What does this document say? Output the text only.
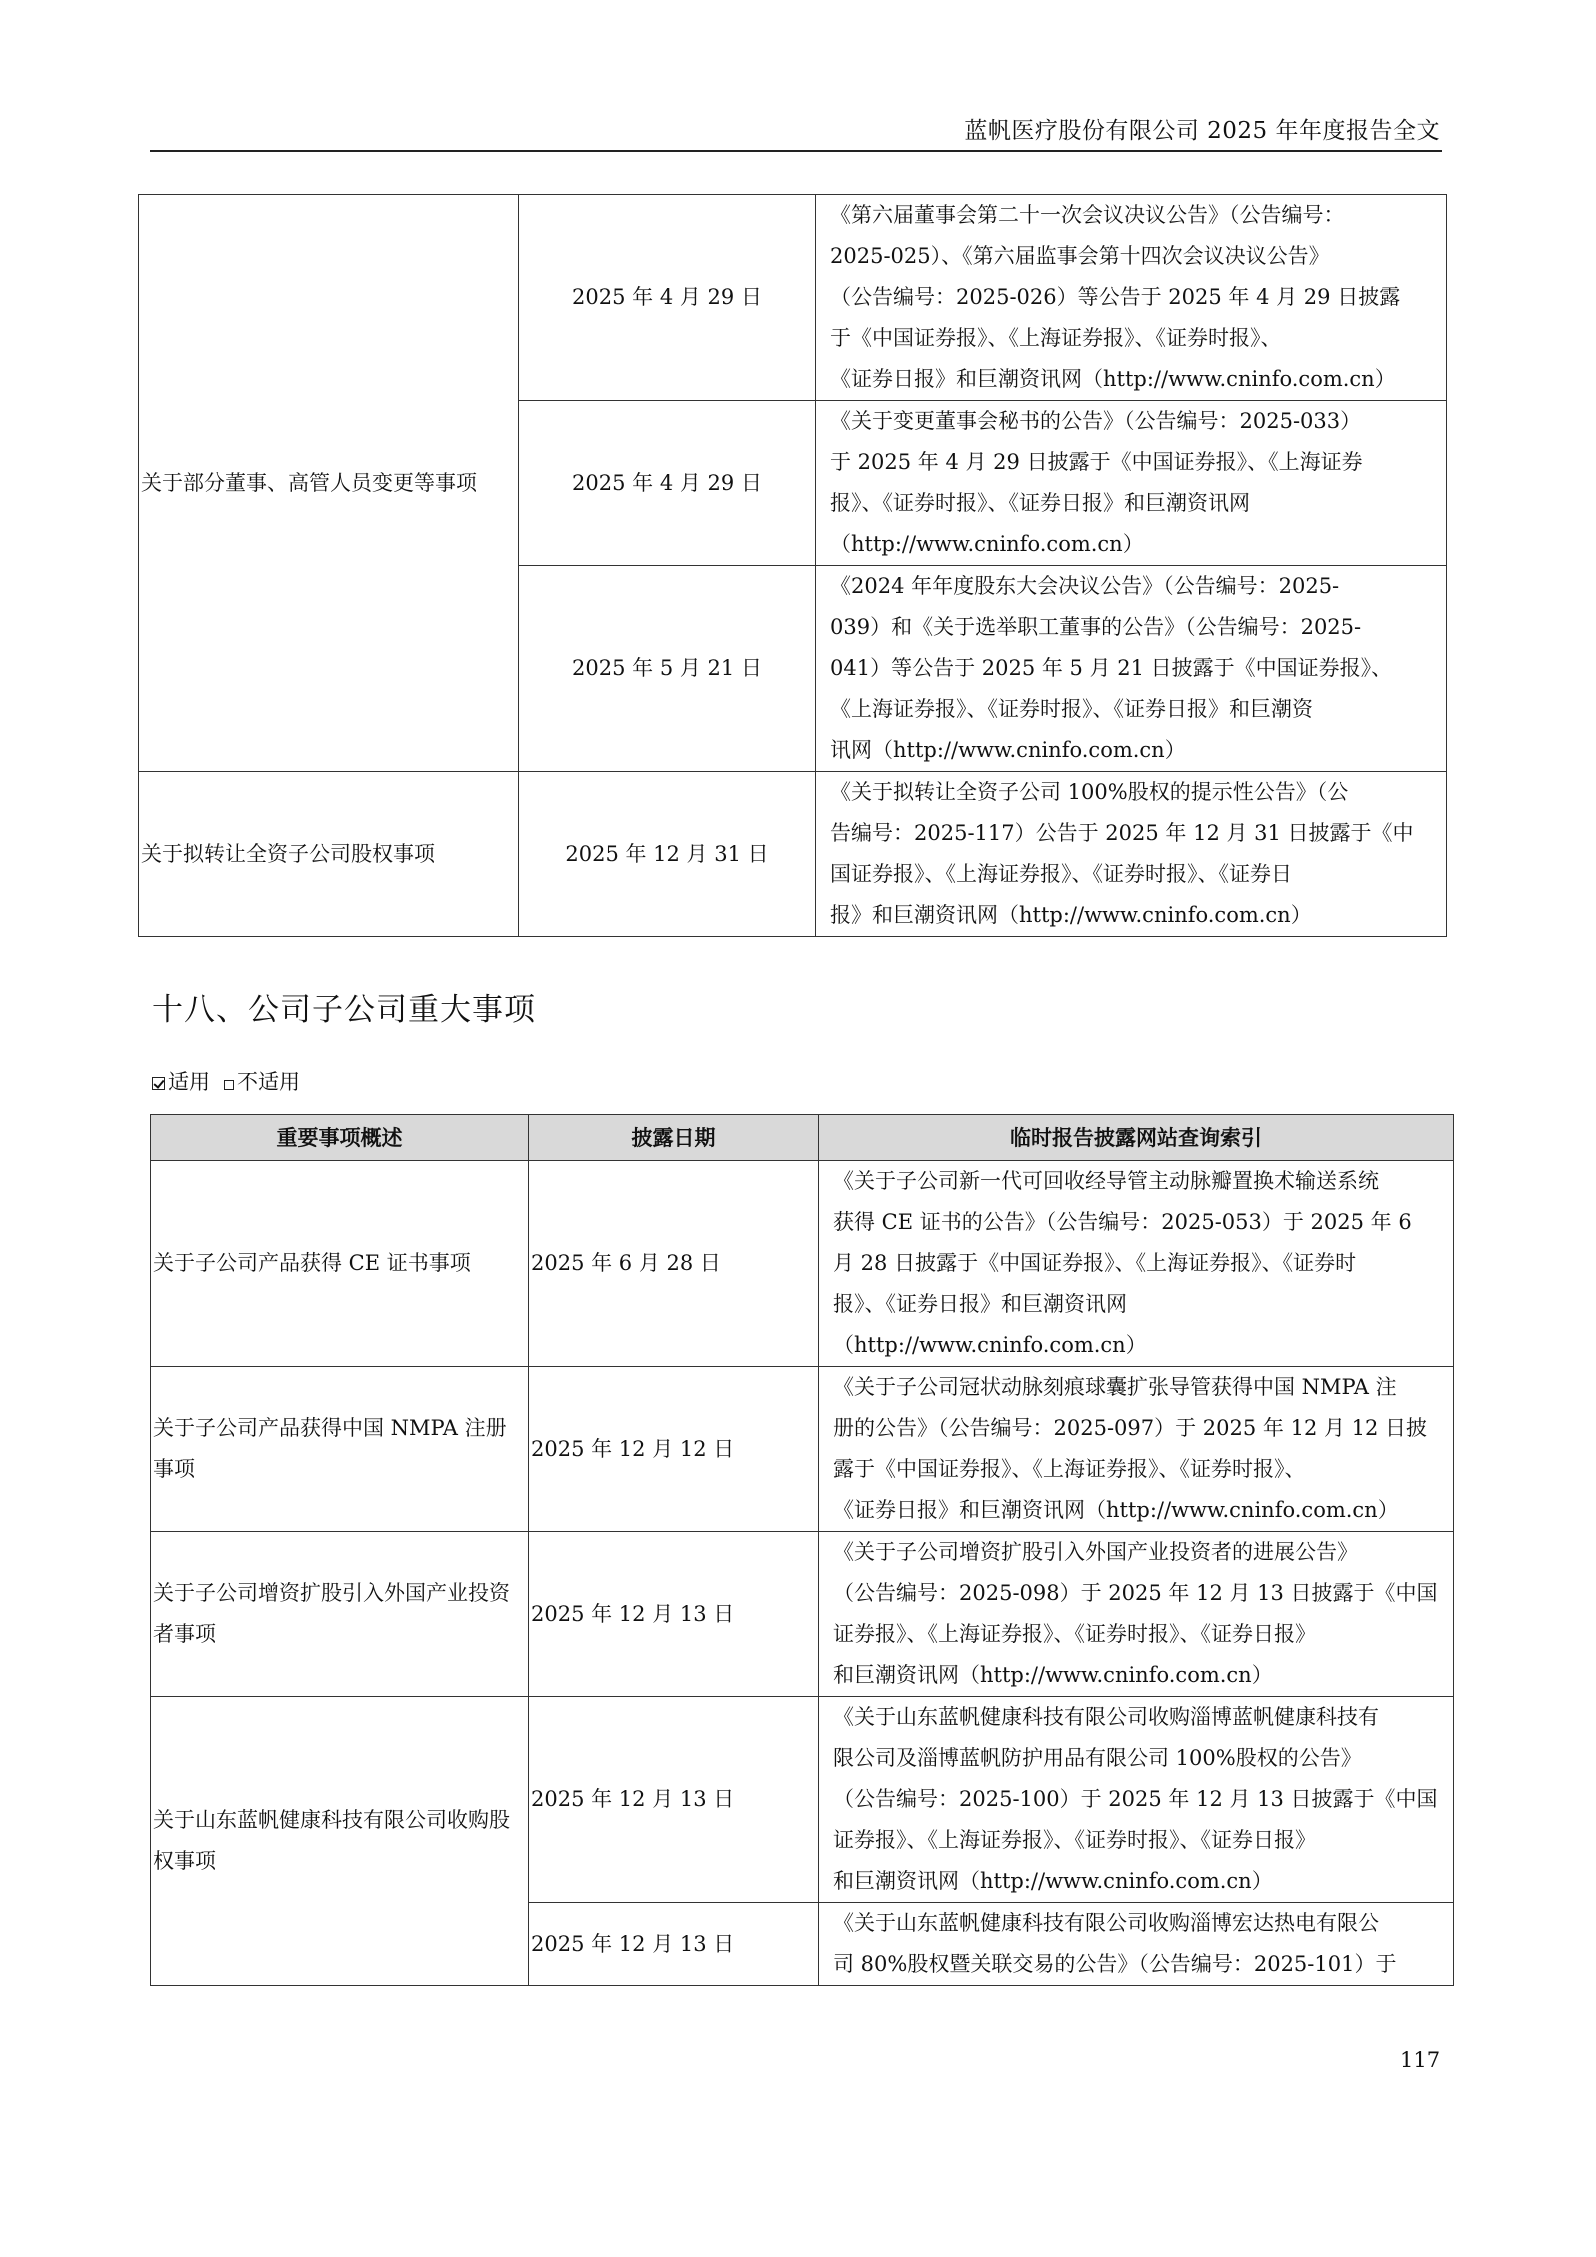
蓝帆医疗股份有限公司 2025 年年度报告全文
关于部分董事、高管人员变更等事项	2025 年 4 月 29 日	《第六届董事会第二十一次会议决议公告》（公告编号：
2025-025）、《第六届监事会第十四次会议决议公告》
（公告编号：2025-026）等公告于 2025 年 4 月 29 日披露
于《中国证券报》、《上海证券报》、《证券时报》、
《证券日报》和巨潮资讯网（http://www.cninfo.com.cn）

	2025 年 4 月 29 日	《关于变更董事会秘书的公告》（公告编号：2025-033）
于 2025 年 4 月 29 日披露于《中国证券报》、《上海证券
报》、《证券时报》、《证券日报》和巨潮资讯网
（http://www.cninfo.com.cn）

	2025 年 5 月 21 日	《2024 年年度股东大会决议公告》（公告编号：2025-
039）和《关于选举职工董事的公告》（公告编号：2025-
041）等公告于 2025 年 5 月 21 日披露于《中国证券报》、
《上海证券报》、《证券时报》、《证券日报》和巨潮资
讯网（http://www.cninfo.com.cn）

关于拟转让全资子公司股权事项	2025 年 12 月 31 日	《关于拟转让全资子公司 100%股权的提示性公告》（公
告编号：2025-117）公告于 2025 年 12 月 31 日披露于《中
国证券报》、《上海证券报》、《证券时报》、《证券日
报》和巨潮资讯网（http://www.cninfo.com.cn）
十八、公司子公司重大事项
适用 不适用
重要事项概述	披露日期	临时报告披露网站查询索引
关于子公司产品获得 CE 证书事项	2025 年 6 月 28 日	《关于子公司新一代可回收经导管主动脉瓣置换术输送系统
获得 CE 证书的公告》（公告编号：2025-053）于 2025 年 6
月 28 日披露于《中国证券报》、《上海证券报》、《证券时
报》、《证券日报》和巨潮资讯网
（http://www.cninfo.com.cn）

关于子公司产品获得中国 NMPA 注册事项	2025 年 12 月 12 日	《关于子公司冠状动脉刻痕球囊扩张导管获得中国 NMPA 注
册的公告》（公告编号：2025-097）于 2025 年 12 月 12 日披
露于《中国证券报》、《上海证券报》、《证券时报》、
《证券日报》和巨潮资讯网（http://www.cninfo.com.cn）

关于子公司增资扩股引入外国产业投资者事项	2025 年 12 月 13 日	《关于子公司增资扩股引入外国产业投资者的进展公告》
（公告编号：2025-098）于 2025 年 12 月 13 日披露于《中国
证券报》、《上海证券报》、《证券时报》、《证券日报》
和巨潮资讯网（http://www.cninfo.com.cn）

关于山东蓝帆健康科技有限公司收购股权事项	2025 年 12 月 13 日	《关于山东蓝帆健康科技有限公司收购淄博蓝帆健康科技有
限公司及淄博蓝帆防护用品有限公司 100%股权的公告》
（公告编号：2025-100）于 2025 年 12 月 13 日披露于《中国
证券报》、《上海证券报》、《证券时报》、《证券日报》
和巨潮资讯网（http://www.cninfo.com.cn）

	2025 年 12 月 13 日	《关于山东蓝帆健康科技有限公司收购淄博宏达热电有限公
司 80%股权暨关联交易的公告》（公告编号：2025-101）于
117
